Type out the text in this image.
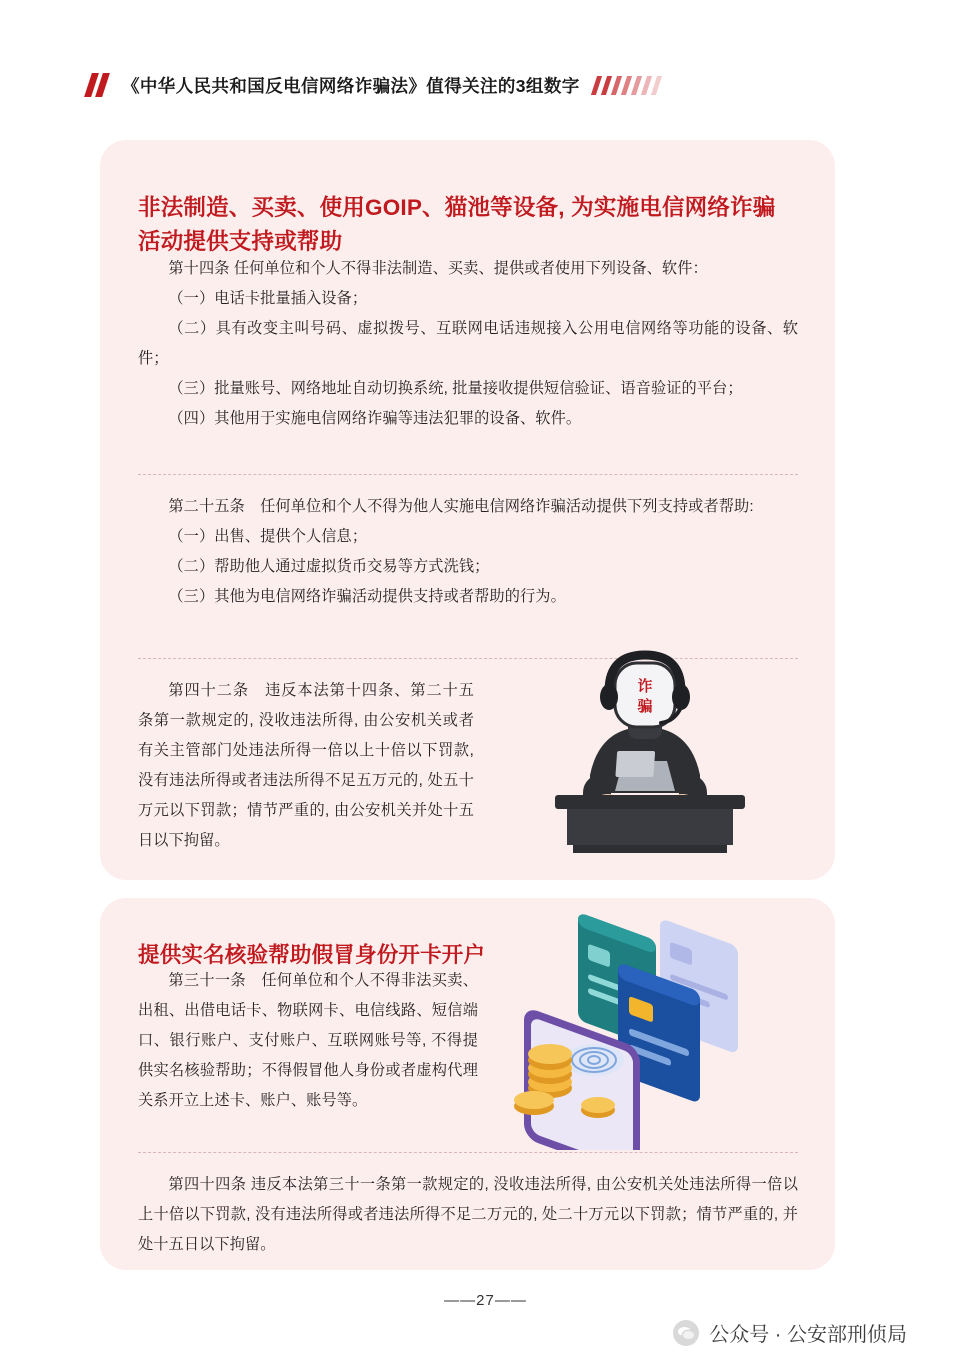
《中华人民共和国反电信网络诈骗法》值得关注的3组数字
非法制造、买卖、使用GOIP、猫池等设备, 为实施电信网络诈骗活动提供支持或帮助

第十四条 任何单位和个人不得非法制造、买卖、提供或者使用下列设备、软件：

（一）电话卡批量插入设备；

（二）具有改变主叫号码、虚拟拨号、互联网电话违规接入公用电信网络等功能的设备、软件；

（三）批量账号、网络地址自动切换系统, 批量接收提供短信验证、语音验证的平台；

（四）其他用于实施电信网络诈骗等违法犯罪的设备、软件。

第二十五条　任何单位和个人不得为他人实施电信网络诈骗活动提供下列支持或者帮助:

（一）出售、提供个人信息；

（二）帮助他人通过虚拟货币交易等方式洗钱；

（三）其他为电信网络诈骗活动提供支持或者帮助的行为。

第四十二条　违反本法第十四条、第二十五条第一款规定的, 没收违法所得, 由公安机关或者有关主管部门处违法所得一倍以上十倍以下罚款, 没有违法所得或者违法所得不足五万元的, 处五十万元以下罚款；情节严重的, 由公安机关并处十五日以下拘留。

诈
骗
提供实名核验帮助假冒身份开卡开户

第三十一条　任何单位和个人不得非法买卖、出租、出借电话卡、物联网卡、电信线路、短信端口、银行账户、支付账户、互联网账号等, 不得提供实名核验帮助；不得假冒他人身份或者虚构代理关系开立上述卡、账户、账号等。

第四十四条 违反本法第三十一条第一款规定的, 没收违法所得, 由公安机关处违法所得一倍以上十倍以下罚款, 没有违法所得或者违法所得不足二万元的, 处二十万元以下罚款；情节严重的, 并处十五日以下拘留。

——27——
公众号 · 公安部刑侦局
